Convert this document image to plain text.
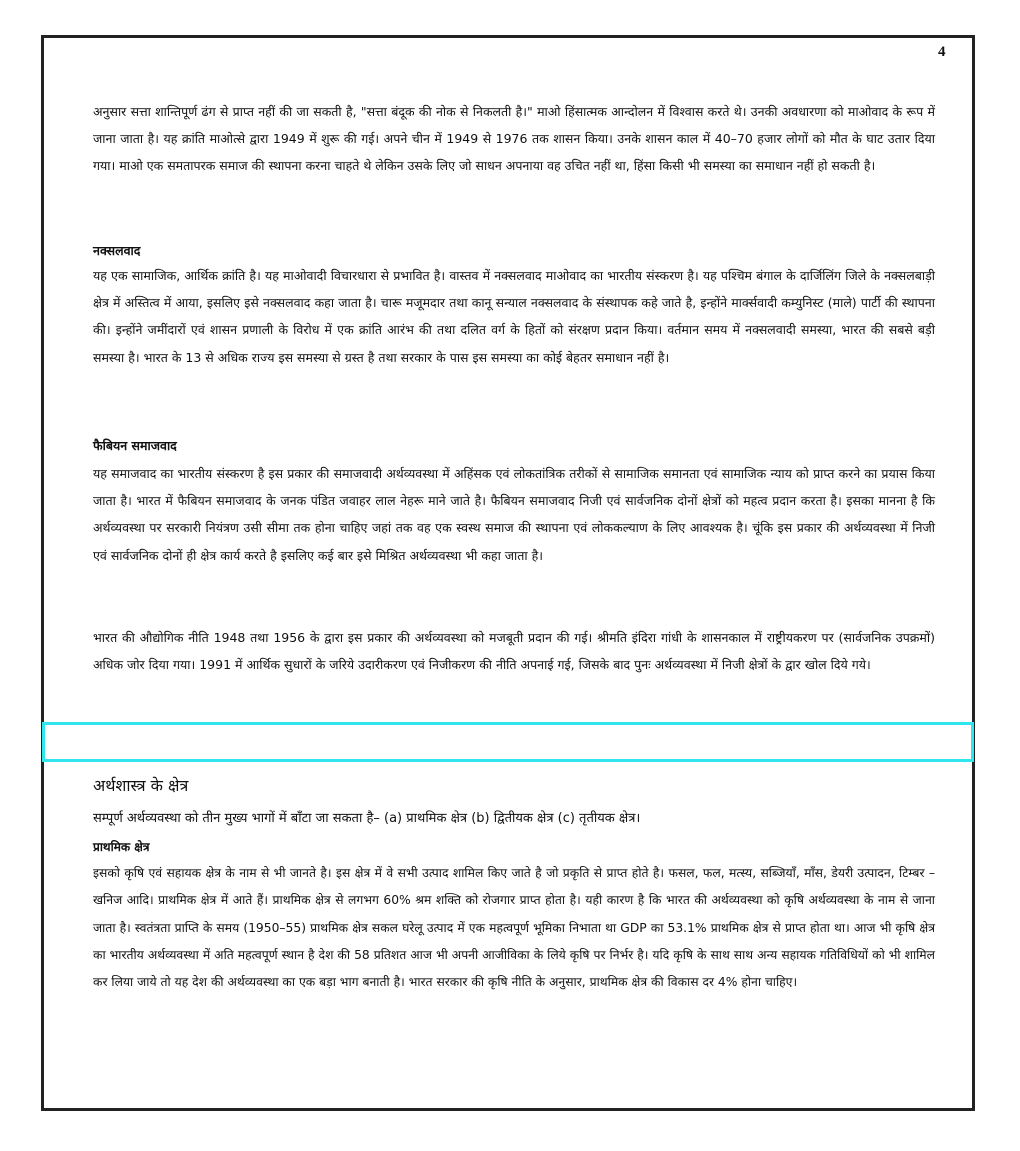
4

अनुसार सत्ता शान्तिपूर्ण ढंग से प्राप्त नहीं की जा सकती है, "सत्ता बंदूक की नोक से निकलती है।" माओ हिंसात्मक आन्दोलन में विश्वास करते थे। उनकी अवधारणा को माओवाद के रूप में जाना जाता है। यह क्रांति माओत्से द्वारा 1949 में शुरू की गई। अपने चीन में 1949 से 1976 तक शासन किया। उनके शासन काल में 40–70 हजार लोगों को मौत के घाट उतार दिया गया। माओ एक समतापरक समाज की स्थापना करना चाहते थे लेकिन उसके लिए जो साधन अपनाया वह उचित नहीं था, हिंसा किसी भी समस्या का समाधान नहीं हो सकती है।

नक्सलवाद

यह एक सामाजिक, आर्थिक क्रांति है। यह माओवादी विचारधारा से प्रभावित है। वास्तव में नक्सलवाद माओवाद का भारतीय संस्करण है। यह पश्चिम बंगाल के दार्जिलिंग जिले के नक्सलबाड़ी क्षेत्र में अस्तित्व में आया, इसलिए इसे नक्सलवाद कहा जाता है। चारू मजूमदार तथा कानू सन्याल नक्सलवाद के संस्थापक कहे जाते है, इन्होंने मार्क्सवादी कम्युनिस्ट (माले) पार्टी की स्थापना की। इन्होंने जमींदारों एवं शासन प्रणाली के विरोध में एक क्रांति आरंभ की तथा दलित वर्ग के हितों को संरक्षण प्रदान किया। वर्तमान समय में नक्सलवादी समस्या, भारत की सबसे बड़ी समस्या है। भारत के 13 से अधिक राज्य इस समस्या से ग्रस्त है तथा सरकार के पास इस समस्या का कोई बेहतर समाधान नहीं है।

फैबियन समाजवाद

यह समाजवाद का भारतीय संस्करण है इस प्रकार की समाजवादी अर्थव्यवस्था में अहिंसक एवं लोकतांत्रिक तरीकों से सामाजिक समानता एवं सामाजिक न्याय को प्राप्त करने का प्रयास किया जाता है। भारत में फैबियन समाजवाद के जनक पंडित जवाहर लाल नेहरू माने जाते है। फैबियन समाजवाद निजी एवं सार्वजनिक दोनों क्षेत्रों को महत्व प्रदान करता है। इसका मानना है कि अर्थव्यवस्था पर सरकारी नियंत्रण उसी सीमा तक होना चाहिए जहां तक वह एक स्वस्थ समाज की स्थापना एवं लोककल्याण के लिए आवश्यक है। चूंकि इस प्रकार की अर्थव्यवस्था में निजी एवं सार्वजनिक दोनों ही क्षेत्र कार्य करते है इसलिए कई बार इसे मिश्रित अर्थव्यवस्था भी कहा जाता है।

भारत की औद्योगिक नीति 1948 तथा 1956 के द्वारा इस प्रकार की अर्थव्यवस्था को मजबूती प्रदान की गई। श्रीमति इंदिरा गांधी के शासनकाल में राष्ट्रीयकरण पर (सार्वजनिक उपक्रमों) अधिक जोर दिया गया। 1991 में आर्थिक सुधारों के जरिये उदारीकरण एवं निजीकरण की नीति अपनाई गई, जिसके बाद पुनः अर्थव्यवस्था में निजी क्षेत्रों के द्वार खोल दिये गये।

अर्थशास्त्र के क्षेत्र

सम्पूर्ण अर्थव्यवस्था को तीन मुख्य भागों में बाँटा जा सकता है– (a) प्राथमिक क्षेत्र (b) द्वितीयक क्षेत्र (c) तृतीयक क्षेत्र।

प्राथमिक क्षेत्र

इसको कृषि एवं सहायक क्षेत्र के नाम से भी जानते है। इस क्षेत्र में वे सभी उत्पाद शामिल किए जाते है जो प्रकृति से प्राप्त होते है। फसल, फल, मत्स्य, सब्जियाँ, माँस, डेयरी उत्पादन, टिम्बर – खनिज आदि। प्राथमिक क्षेत्र में आते हैं। प्राथमिक क्षेत्र से लगभग 60% श्रम शक्ति को रोजगार प्राप्त होता है। यही कारण है कि भारत की अर्थव्यवस्था को कृषि अर्थव्यवस्था के नाम से जाना जाता है। स्वतंत्रता प्राप्ति के समय (1950–55) प्राथमिक क्षेत्र सकल घरेलू उत्पाद में एक महत्वपूर्ण भूमिका निभाता था GDP का 53.1% प्राथमिक क्षेत्र से प्राप्त होता था। आज भी कृषि क्षेत्र का भारतीय अर्थव्यवस्था में अति महत्वपूर्ण स्थान है देश की 58 प्रतिशत आज भी अपनी आजीविका के लिये कृषि पर निर्भर है। यदि कृषि के साथ साथ अन्य सहायक गतिविधियों को भी शामिल कर लिया जाये तो यह देश की अर्थव्यवस्था का एक बड़ा भाग बनाती है। भारत सरकार की कृषि नीति के अनुसार, प्राथमिक क्षेत्र की विकास दर 4% होना चाहिए।
